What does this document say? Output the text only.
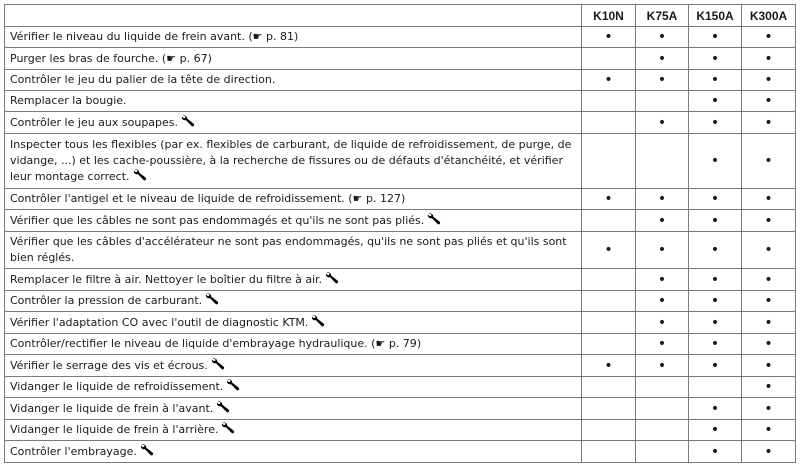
	K10N	K75A	K150A	K300A
Vérifier le niveau du liquide de frein avant. (☛ p. 81)	•	•	•	•
Purger les bras de fourche. (☛ p. 67)		•	•	•
Contrôler le jeu du palier de la tête de direction.	•	•	•	•
Remplacer la bougie.			•	•
Contrôler le jeu aux soupapes.		•	•	•
Inspecter tous les flexibles (par ex. flexibles de carburant, de liquide de refroidissement, de purge, de vidange, ...) et les cache-poussière, à la recherche de fissures ou de défauts d'étanchéité, et vérifier leur montage correct.			•	•
Contrôler l'antigel et le niveau de liquide de refroidissement. (☛ p. 127)	•	•	•	•
Vérifier que les câbles ne sont pas endommagés et qu'ils ne sont pas pliés.		•	•	•
Vérifier que les câbles d'accélérateur ne sont pas endommagés, qu'ils ne sont pas pliés et qu'ils sont bien réglés.	•	•	•	•
Remplacer le filtre à air. Nettoyer le boîtier du filtre à air.		•	•	•
Contrôler la pression de carburant.		•	•	•
Vérifier l'adaptation CO avec l'outil de diagnostic KTM.		•	•	•
Contrôler/rectifier le niveau de liquide d'embrayage hydraulique. (☛ p. 79)		•	•	•
Vérifier le serrage des vis et écrous.	•	•	•	•
Vidanger le liquide de refroidissement.				•
Vidanger le liquide de frein à l'avant.			•	•
Vidanger le liquide de frein à l'arrière.			•	•
Contrôler l'embrayage.			•	•
